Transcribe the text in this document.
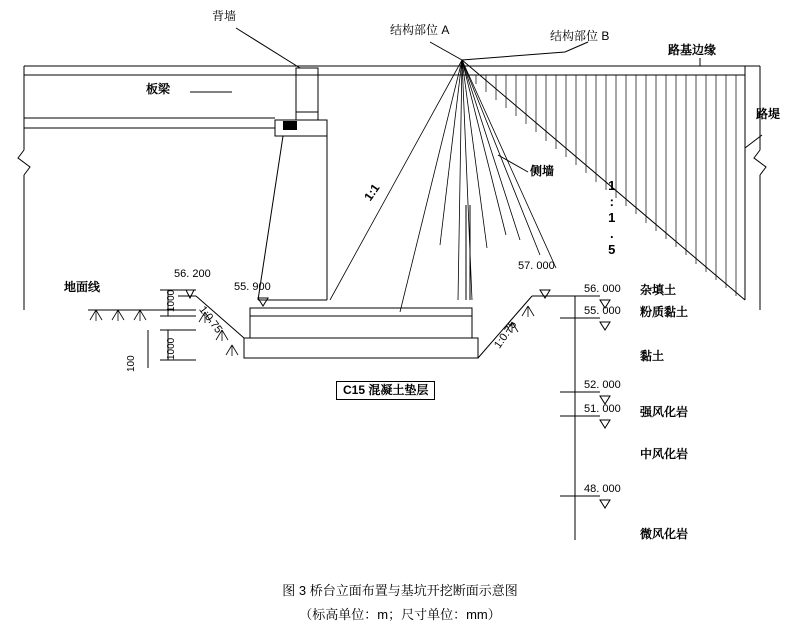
背墙
结构部位 A	结构部位 B
路基边缘
路堤
板梁
侧墙
地面线
1:1	1:1.5
1:0.75	1:0.75
56. 200
55. 900
57. 000
56. 000
55. 000
52. 000
51. 000
48. 000
1000
1000
100
C15 混凝土垫层
杂填土
粉质黏土
黏土
强风化岩
中风化岩
微风化岩
图 3 桥台立面布置与基坑开挖断面示意图
（标高单位：m；尺寸单位：mm）
